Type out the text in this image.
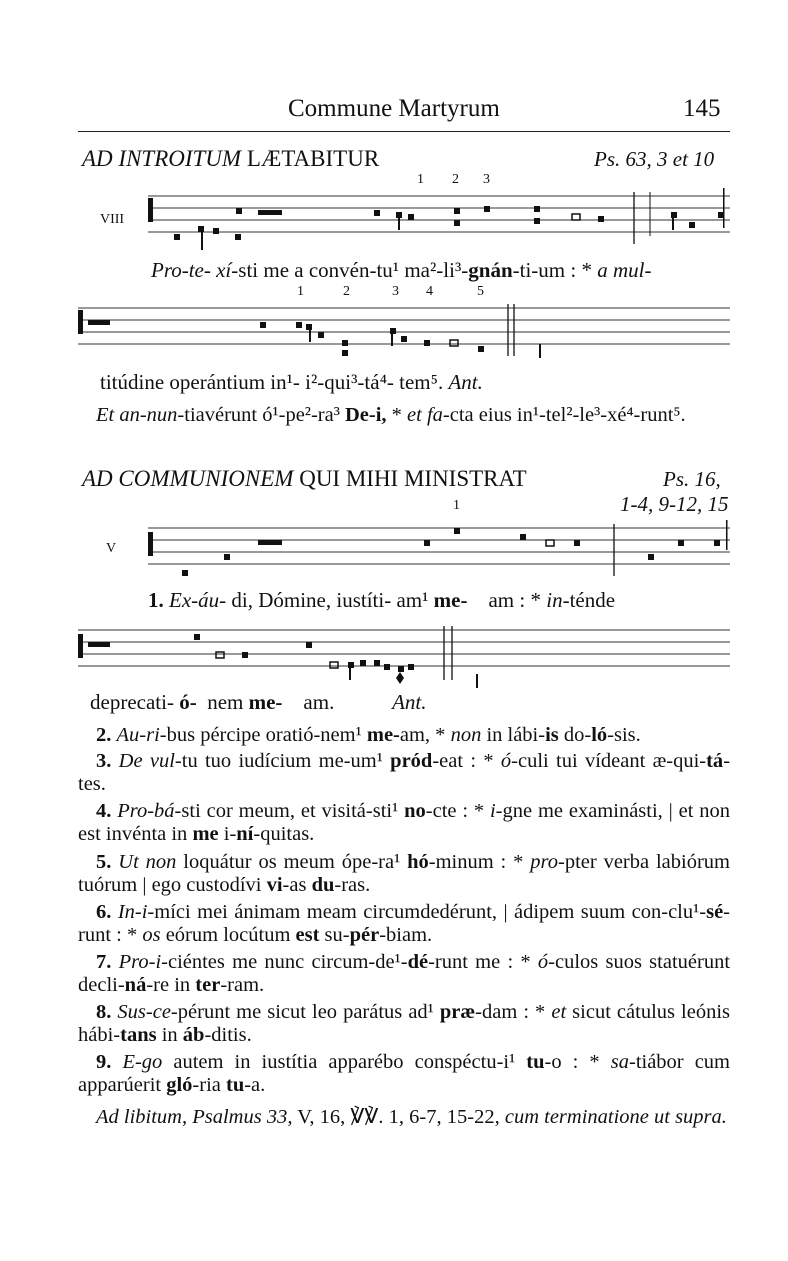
Commune Martyrum	145
AD INTROITUM LÆTABITUR	Ps. 63, 3 et 10
1 2 3
VIII
Pro-te- xí-sti me a convén-tu¹ ma²-li³-gnán-ti-um : * a mul-
1	2	3 4	5
titúdine operántium in¹- i²-qui³-tá⁴- tem⁵. Ant.
Et an-nun-tiavérunt ó¹-pe²-ra³ De-i, * et fa-cta eius in¹-tel²-le³-xé⁴-runt⁵.
AD COMMUNIONEM QUI MIHI MINISTRAT	Ps. 16,
1-4, 9-12, 15
1
V
1. Ex-áu- di, Dómine, iustíti- am¹ me-    am : * in-ténde
deprecati- ó-  nem me-    am.           Ant.
2. Au-ri-bus pércipe oratió-nem¹ me-am, * non in lábi-is do-ló-sis.
3. De vul-tu tuo iudícium me-um¹ pród-eat : * ó-culi tui vídeant æ-qui-tá-tes.
4. Pro-bá-sti cor meum, et visitá-sti¹ no-cte : * i-gne me examinásti, | et non est invénta in me i-ní-quitas.
5. Ut non loquátur os meum ópe-ra¹ hó-minum : * pro-pter verba labiórum tuórum | ego custodívi vi-as du-ras.
6. In-i-míci mei ánimam meam circumdedérunt, | ádipem suum con-clu¹-sé-runt : * os eórum locútum est su-pér-biam.
7. Pro-i-ciéntes me nunc circum-de¹-dé-runt me : * ó-culos suos statuérunt decli-ná-re in ter-ram.
8. Sus-ce-pérunt me sicut leo parátus ad¹ præ-dam : * et sicut cátulus leónis hábi-tans in áb-ditis.
9. E-go autem in iustítia apparébo conspéctu-i¹ tu-o : * sa-tiábor cum apparúerit gló-ria tu-a.
Ad libitum, Psalmus 33, V, 16, ℣℣. 1, 6-7, 15-22, cum terminatione ut supra.
